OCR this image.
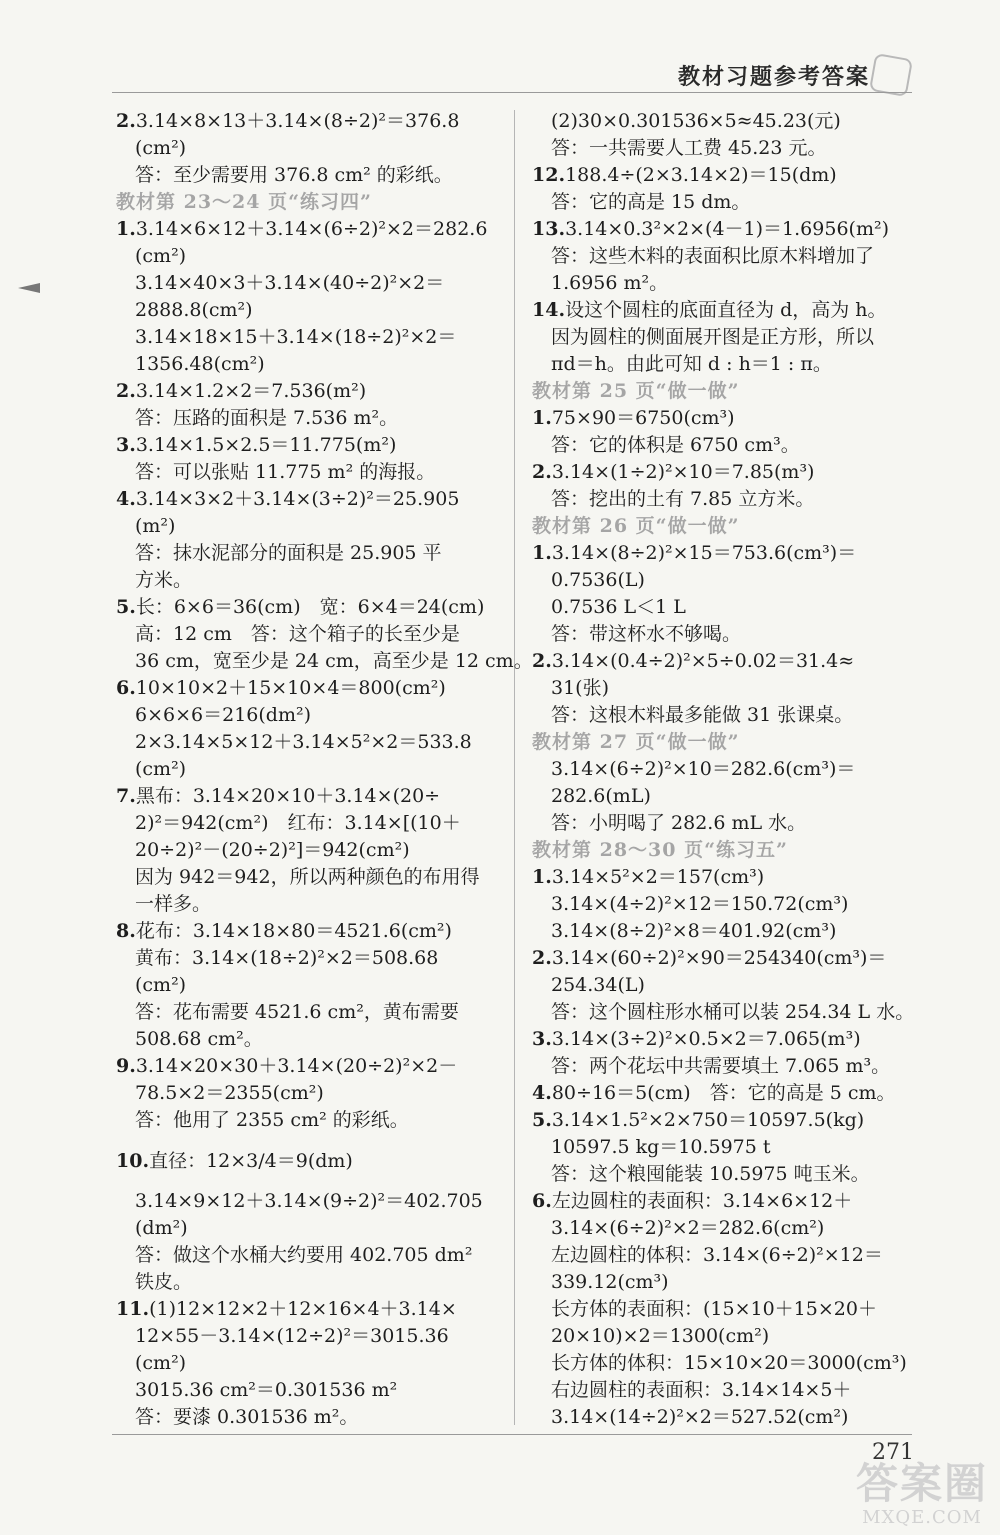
教材习题参考答案
2.3.14×8×13＋3.14×(8÷2)²＝376.8
(cm²)
答：至少需要用 376.8 cm² 的彩纸。
教材第 23～24 页“练习四”
1.3.14×6×12＋3.14×(6÷2)²×2＝282.6
(cm²)
3.14×40×3＋3.14×(40÷2)²×2＝
2888.8(cm²)
3.14×18×15＋3.14×(18÷2)²×2＝
1356.48(cm²)
2.3.14×1.2×2＝7.536(m²)
答：压路的面积是 7.536 m²。
3.3.14×1.5×2.5＝11.775(m²)
答：可以张贴 11.775 m² 的海报。
4.3.14×3×2＋3.14×(3÷2)²＝25.905
(m²)
答：抹水泥部分的面积是 25.905 平
方米。
5.长：6×6＝36(cm)　宽：6×4＝24(cm)
高：12 cm　答：这个箱子的长至少是
36 cm，宽至少是 24 cm，高至少是 12 cm。
6.10×10×2＋15×10×4＝800(cm²)
6×6×6＝216(dm²)
2×3.14×5×12＋3.14×5²×2＝533.8
(cm²)
7.黑布：3.14×20×10＋3.14×(20÷
2)²＝942(cm²)　红布：3.14×[(10＋
20÷2)²－(20÷2)²]＝942(cm²)
因为 942＝942，所以两种颜色的布用得
一样多。
8.花布：3.14×18×80＝4521.6(cm²)
黄布：3.14×(18÷2)²×2＝508.68
(cm²)
答：花布需要 4521.6 cm²，黄布需要
508.68 cm²。
9.3.14×20×30＋3.14×(20÷2)²×2－
78.5×2＝2355(cm²)
答：他用了 2355 cm² 的彩纸。
10.直径：12×3/4＝9(dm)
3.14×9×12＋3.14×(9÷2)²＝402.705
(dm²)
答：做这个水桶大约要用 402.705 dm²
铁皮。
11.(1)12×12×2＋12×16×4＋3.14×
12×55－3.14×(12÷2)²＝3015.36
(cm²)
3015.36 cm²＝0.301536 m²
答：要漆 0.301536 m²。
(2)30×0.301536×5≈45.23(元)
答：一共需要人工费 45.23 元。
12.188.4÷(2×3.14×2)＝15(dm)
答：它的高是 15 dm。
13.3.14×0.3²×2×(4－1)＝1.6956(m²)
答：这些木料的表面积比原木料增加了
1.6956 m²。
14.设这个圆柱的底面直径为 d，高为 h。
因为圆柱的侧面展开图是正方形，所以
πd＝h。由此可知 d : h＝1 : π。
教材第 25 页“做一做”
1.75×90＝6750(cm³)
答：它的体积是 6750 cm³。
2.3.14×(1÷2)²×10＝7.85(m³)
答：挖出的土有 7.85 立方米。
教材第 26 页“做一做”
1.3.14×(8÷2)²×15＝753.6(cm³)＝
0.7536(L)
0.7536 L＜1 L
答：带这杯水不够喝。
2.3.14×(0.4÷2)²×5÷0.02＝31.4≈
31(张)
答：这根木料最多能做 31 张课桌。
教材第 27 页“做一做”
3.14×(6÷2)²×10＝282.6(cm³)＝
282.6(mL)
答：小明喝了 282.6 mL 水。
教材第 28～30 页“练习五”
1.3.14×5²×2＝157(cm³)
3.14×(4÷2)²×12＝150.72(cm³)
3.14×(8÷2)²×8＝401.92(cm³)
2.3.14×(60÷2)²×90＝254340(cm³)＝
254.34(L)
答：这个圆柱形水桶可以装 254.34 L 水。
3.3.14×(3÷2)²×0.5×2＝7.065(m³)
答：两个花坛中共需要填土 7.065 m³。
4.80÷16＝5(cm)　答：它的高是 5 cm。
5.3.14×1.5²×2×750＝10597.5(kg)
10597.5 kg＝10.5975 t
答：这个粮囤能装 10.5975 吨玉米。
6.左边圆柱的表面积：3.14×6×12＋
3.14×(6÷2)²×2＝282.6(cm²)
左边圆柱的体积：3.14×(6÷2)²×12＝
339.12(cm³)
长方体的表面积：(15×10＋15×20＋
20×10)×2＝1300(cm²)
长方体的体积：15×10×20＝3000(cm³)
右边圆柱的表面积：3.14×14×5＋
3.14×(14÷2)²×2＝527.52(cm²)
271
答案圈
MXQE.COM
